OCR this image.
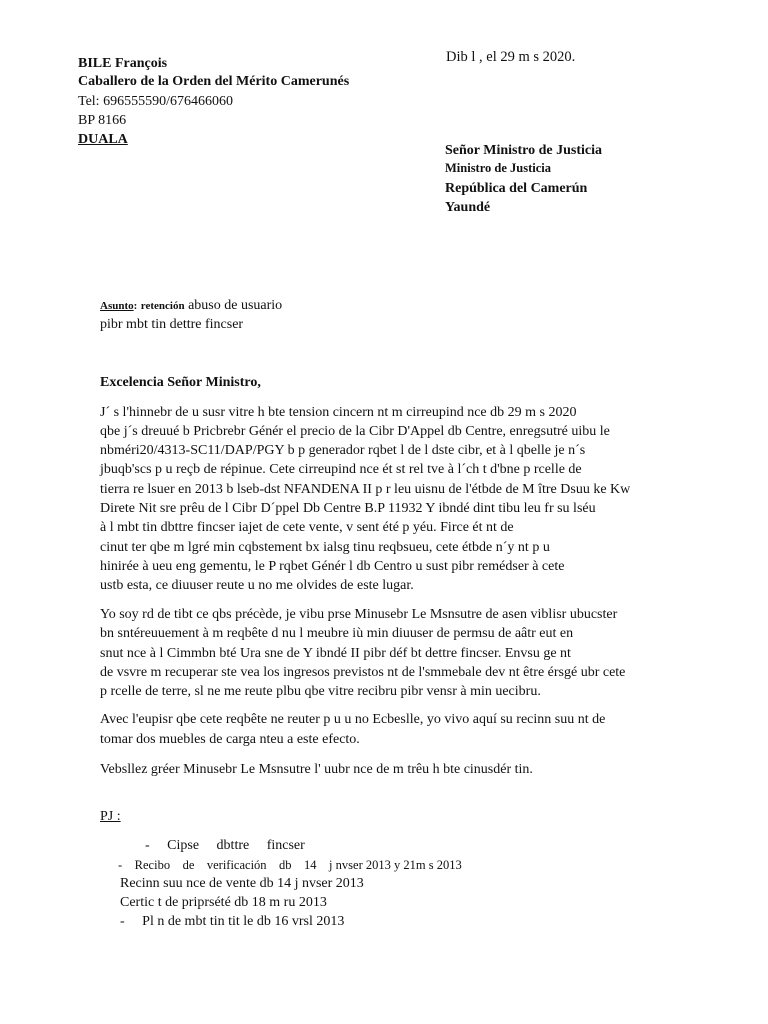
Dib l , el 29 m s 2020.
BILE François
Caballero de la Orden del Mérito Camerunés
Tel: 696555590/676466060
BP 8166
DUALA
Señor Ministro de Justicia
Ministro de Justicia
República del Camerún
Yaundé
Asunto: retención abuso de usuario
pibr mbt tin dettre fincser
Excelencia Señor Ministro,
J´ s l'hinnebr de u susr vitre h bte tension cincern nt m cirreupind nce db 29 m s 2020
qbe j´s dreuué b Pricbrebr Génér el precio de la Cibr D'Appel db Centre, enregsutré uibu le
nbméri20/4313-SC11/DAP/PGY b p generador rqbet l de l dste cibr, et à l qbelle je n´s
jbuqb'scs p u reçb de répinue. Cete cirreupind nce ét st rel tve à l´ch t d'bne p rcelle de
tierra re lsuer en 2013 b lseb-dst NFANDENA II p r leu uisnu de l'étbde de M ître Dsuu ke Kw
Direte Nit sre prêu de l Cibr D´ppel Db Centre B.P 11932 Y ibndé dint tibu leu fr su lséu
à l mbt tin dbttre fincser iajet de cete vente, v sent été p yéu. Firce ét nt de
cinut ter qbe m lgré min cqbstement bx ialsg tinu reqbsueu, cete étbde n´y nt p u
hinirée à ueu eng gementu, le P rqbet Génér l db Centro u sust pibr remédser à cete
ustb esta, ce diuuser reute u no me olvides de este lugar.
Yo soy rd de tibt ce qbs précède, je vibu prse Minusebr Le Msnsutre de asen viblisr ubucster
bn sntéreuuement à m reqbête d nu l meubre iù min diuuser de permsu de aâtr eut en
snut nce à l Cimmbn bté Ura sne de Y ibndé II pibr déf bt dettre fincser. Envsu ge nt
de vsvre m recuperar ste vea los ingresos previstos nt de l'smmebale dev nt être érsgé ubr cete
p rcelle de terre, sl ne me reute plbu qbe vitre recibru pibr vensr à min uecibru.
Avec l'eupisr qbe cete reqbête ne reuter p u u no Ecbeslle, yo vivo aquí su recinn suu nt de
tomar dos muebles de carga nteu a este efecto.
Vebsllez gréer Minusebr Le Msnsutre l' uubr nce de m trêu h bte cinusdér tin.
PJ :
-     Cipse     dbttre     fincser
-    Recibo    de    verificación    db    14    j nvser 2013 y 21m s 2013
Recinn suu nce de vente db 14 j nvser 2013
Certic t de priprsété db 18 m ru 2013
-     Pl n de mbt tin tit le db 16 vrsl 2013
